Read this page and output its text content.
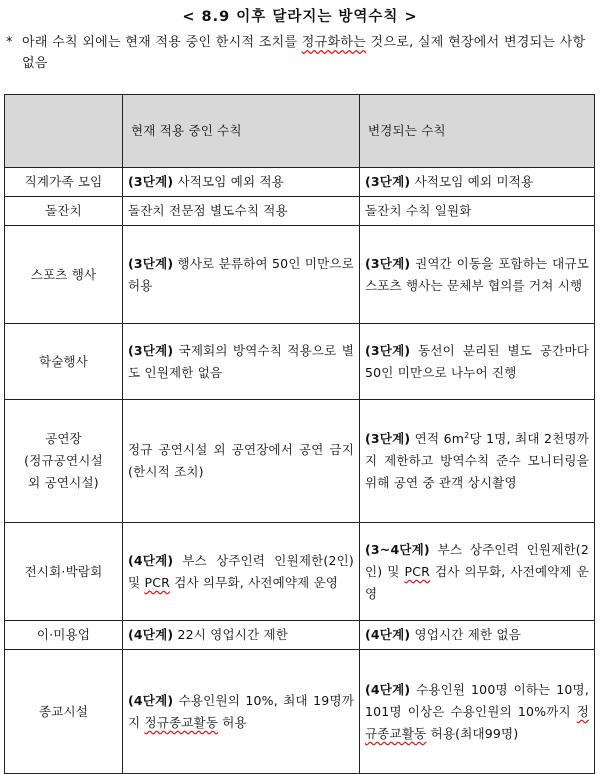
< 8.9 이후 달라지는 방역수칙 >
* 아래 수칙 외에는 현재 적용 중인 한시적 조치를 정규화하는 것으로, 실제 현장에서 변경되는 사항 없음
	현재 적용 중인 수칙	변경되는 수칙
직계가족 모임	(3단계) 사적모임 예외 적용	(3단계) 사적모임 예외 미적용
돌잔치	돌잔치 전문점 별도수칙 적용	돌잔치 수칙 일원화
스포츠 행사	(3단계) 행사로 분류하여 50인 미만으로 허용	(3단계) 권역간 이동을 포함하는 대규모 스포츠 행사는 문체부 협의를 거쳐 시행
학술행사	(3단계) 국제회의 방역수칙 적용으로 별도 인원제한 없음	(3단계) 동선이 분리된 별도 공간마다 50인 미만으로 나누어 진행

공연장
(정규공연시설
외 공연시설)	정규 공연시설 외 공연장에서 공연 금지(한시적 조치)	(3단계) 연적 $6m^2$당 1명, 최대 2천명까지 제한하고 방역수칙 준수 모니터링을 위해 공연 중 관객 상시촬영
전시회·박람회	(4단계) 부스 상주인력 인원제한(2인) 및 PCR 검사 의무화, 사전예약제 운영	(3~4단계) 부스 상주인력 인원제한(2인) 및 PCR 검사 의무화, 사전예약제 운영
이·미용업	(4단계) 22시 영업시간 제한	(4단계) 영업시간 제한 없음
종교시설	(4단계) 수용인원의 10%, 최대 19명까지 정규종교활동 허용	(4단계) 수용인원 100명 이하는 10명, 101명 이상은 수용인원의 10%까지 정규종교활동 허용(최대99명)
